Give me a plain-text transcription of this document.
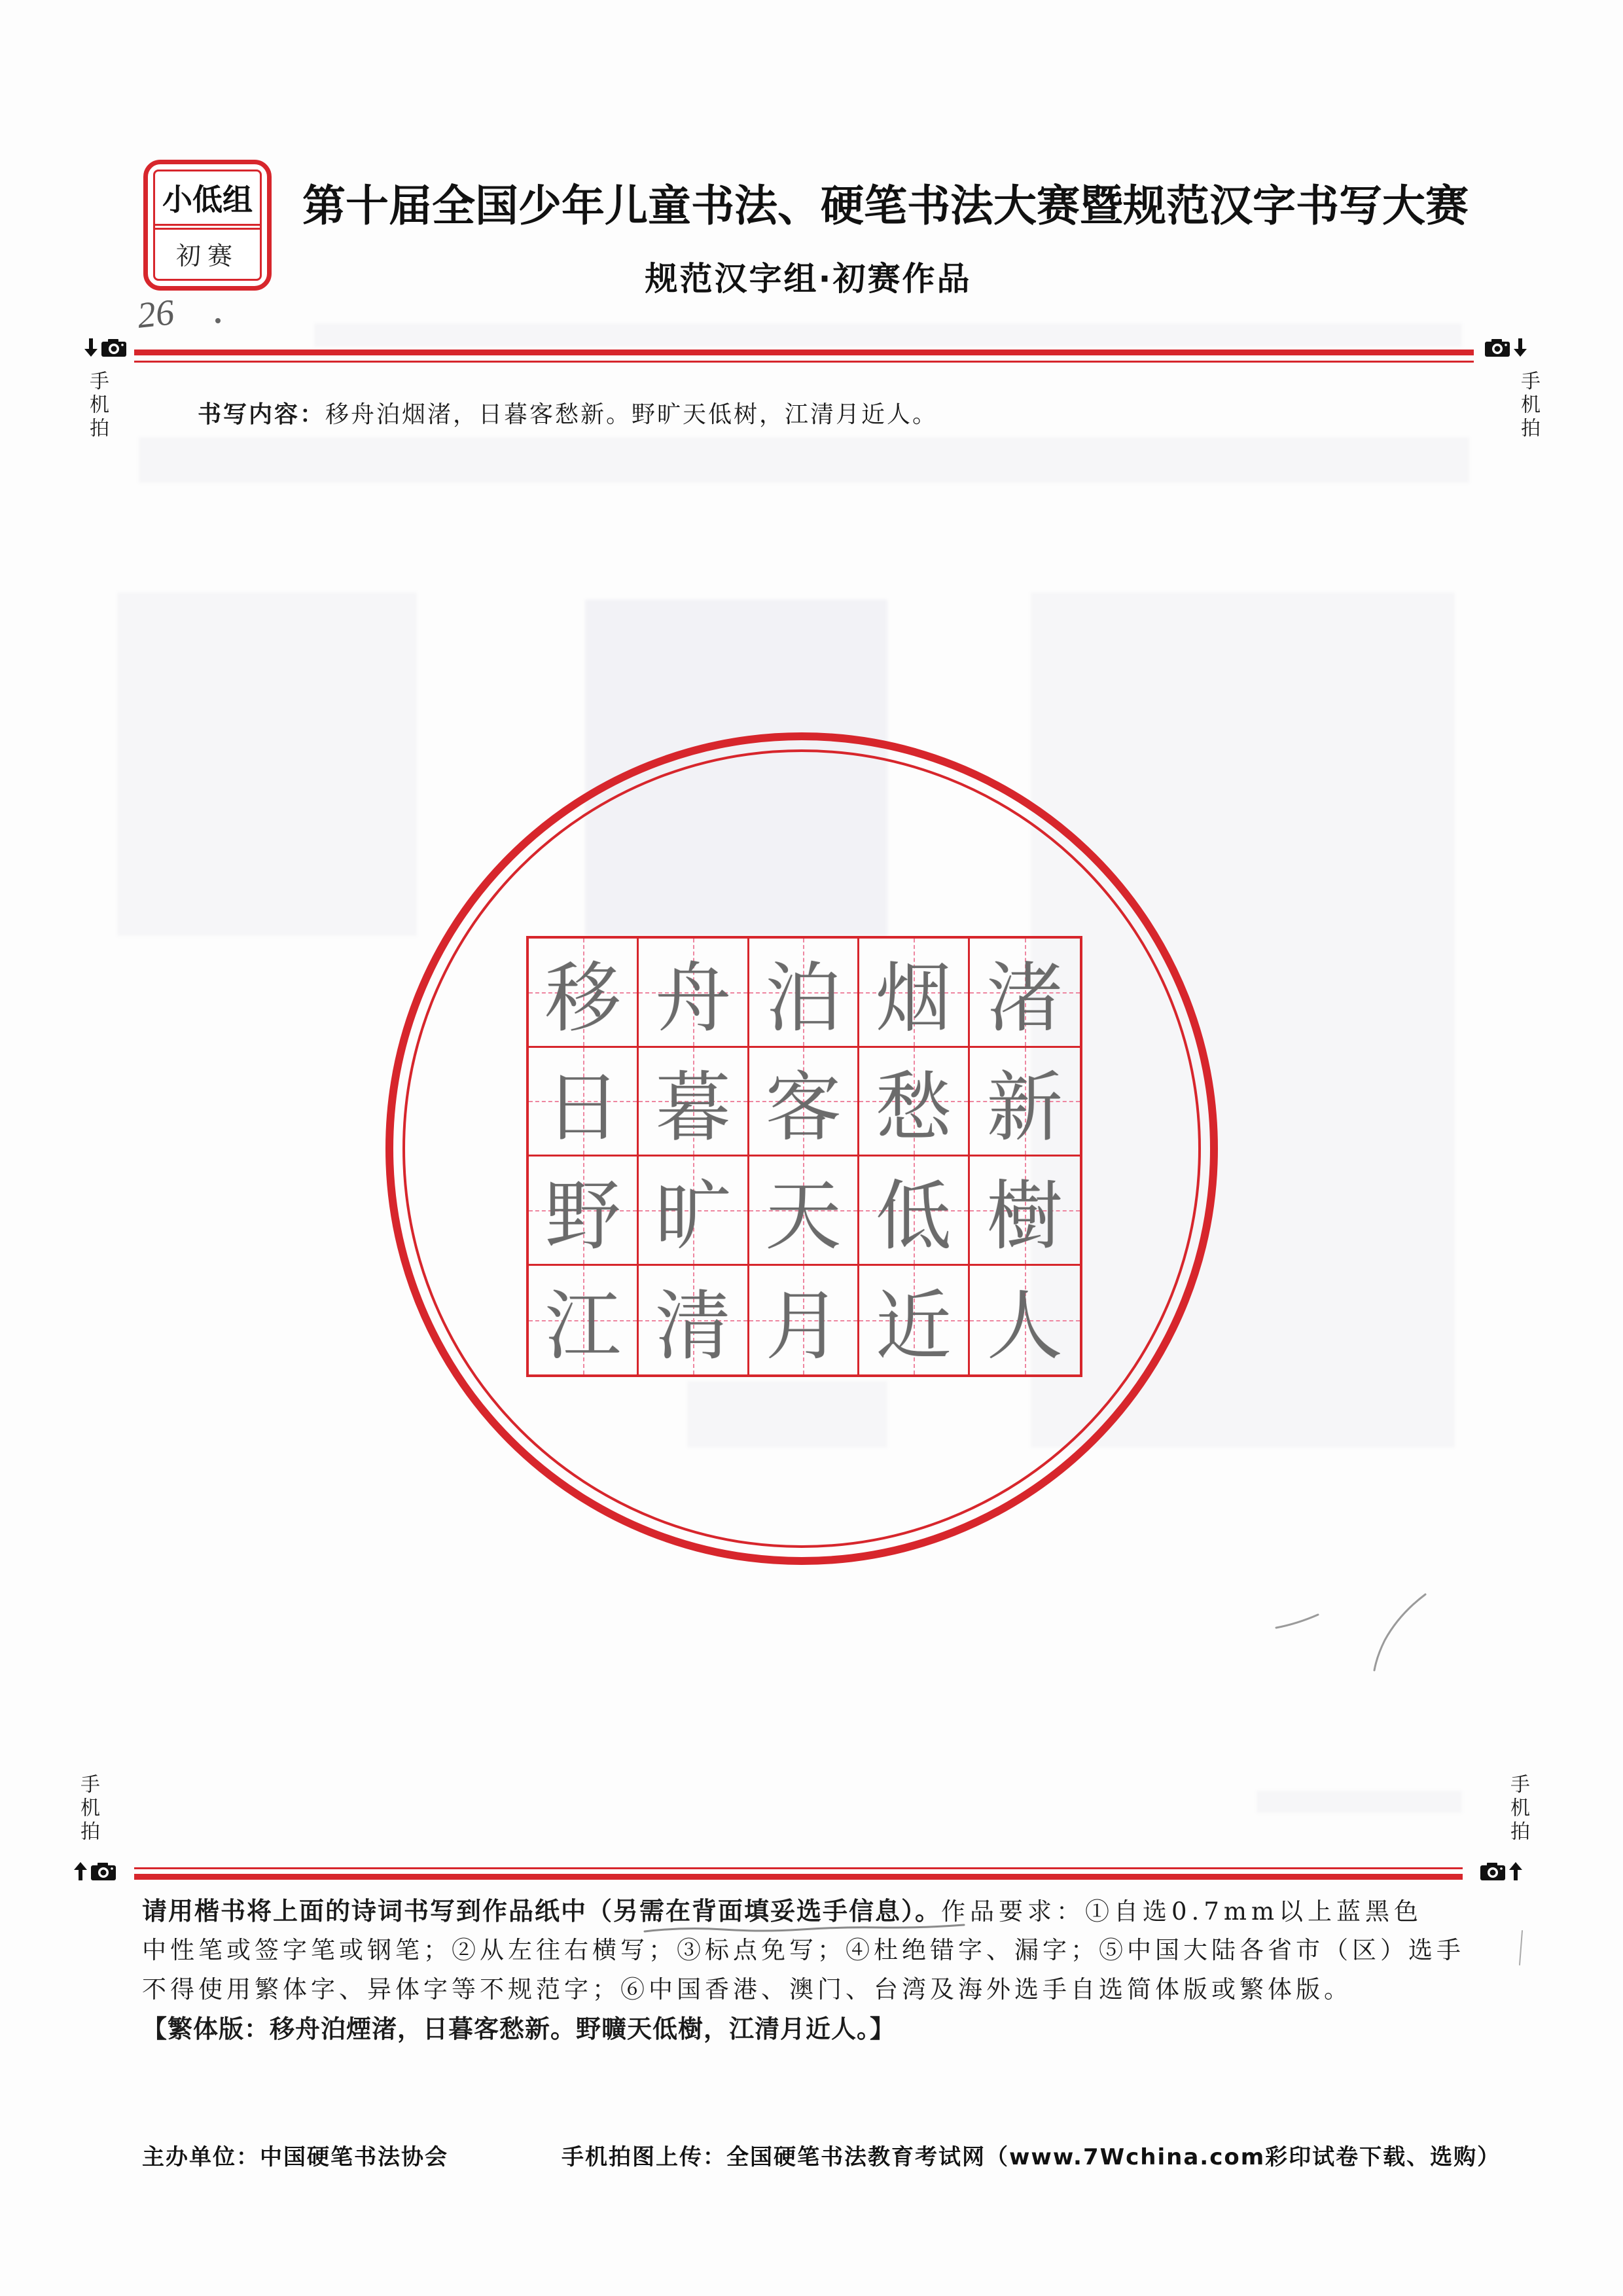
小低组
初赛
第十届全国少年儿童书法、硬笔书法大赛暨规范汉字书写大赛
规范汉字组·初赛作品
26
手机拍	手机拍
书写内容：移舟泊烟渚，日暮客愁新。野旷天低树，江清月近人。
移 舟 泊 烟 渚
日 暮 客 愁 新
野 旷 天 低 樹
江 清 月 近 人
手机拍	手机拍
请用楷书将上面的诗词书写到作品纸中（另需在背面填妥选手信息）。作品要求：①自选0.7mm以上蓝黑色
中性笔或签字笔或钢笔；②从左往右横写；③标点免写；④杜绝错字、漏字；⑤中国大陆各省市（区）选手
不得使用繁体字、异体字等不规范字；⑥中国香港、澳门、台湾及海外选手自选简体版或繁体版。
【繁体版：移舟泊煙渚，日暮客愁新。野曠天低樹，江清月近人。】
主办单位：中国硬笔书法协会	手机拍图上传：全国硬笔书法教育考试网（www.7Wchina.com彩印试卷下载、选购）
